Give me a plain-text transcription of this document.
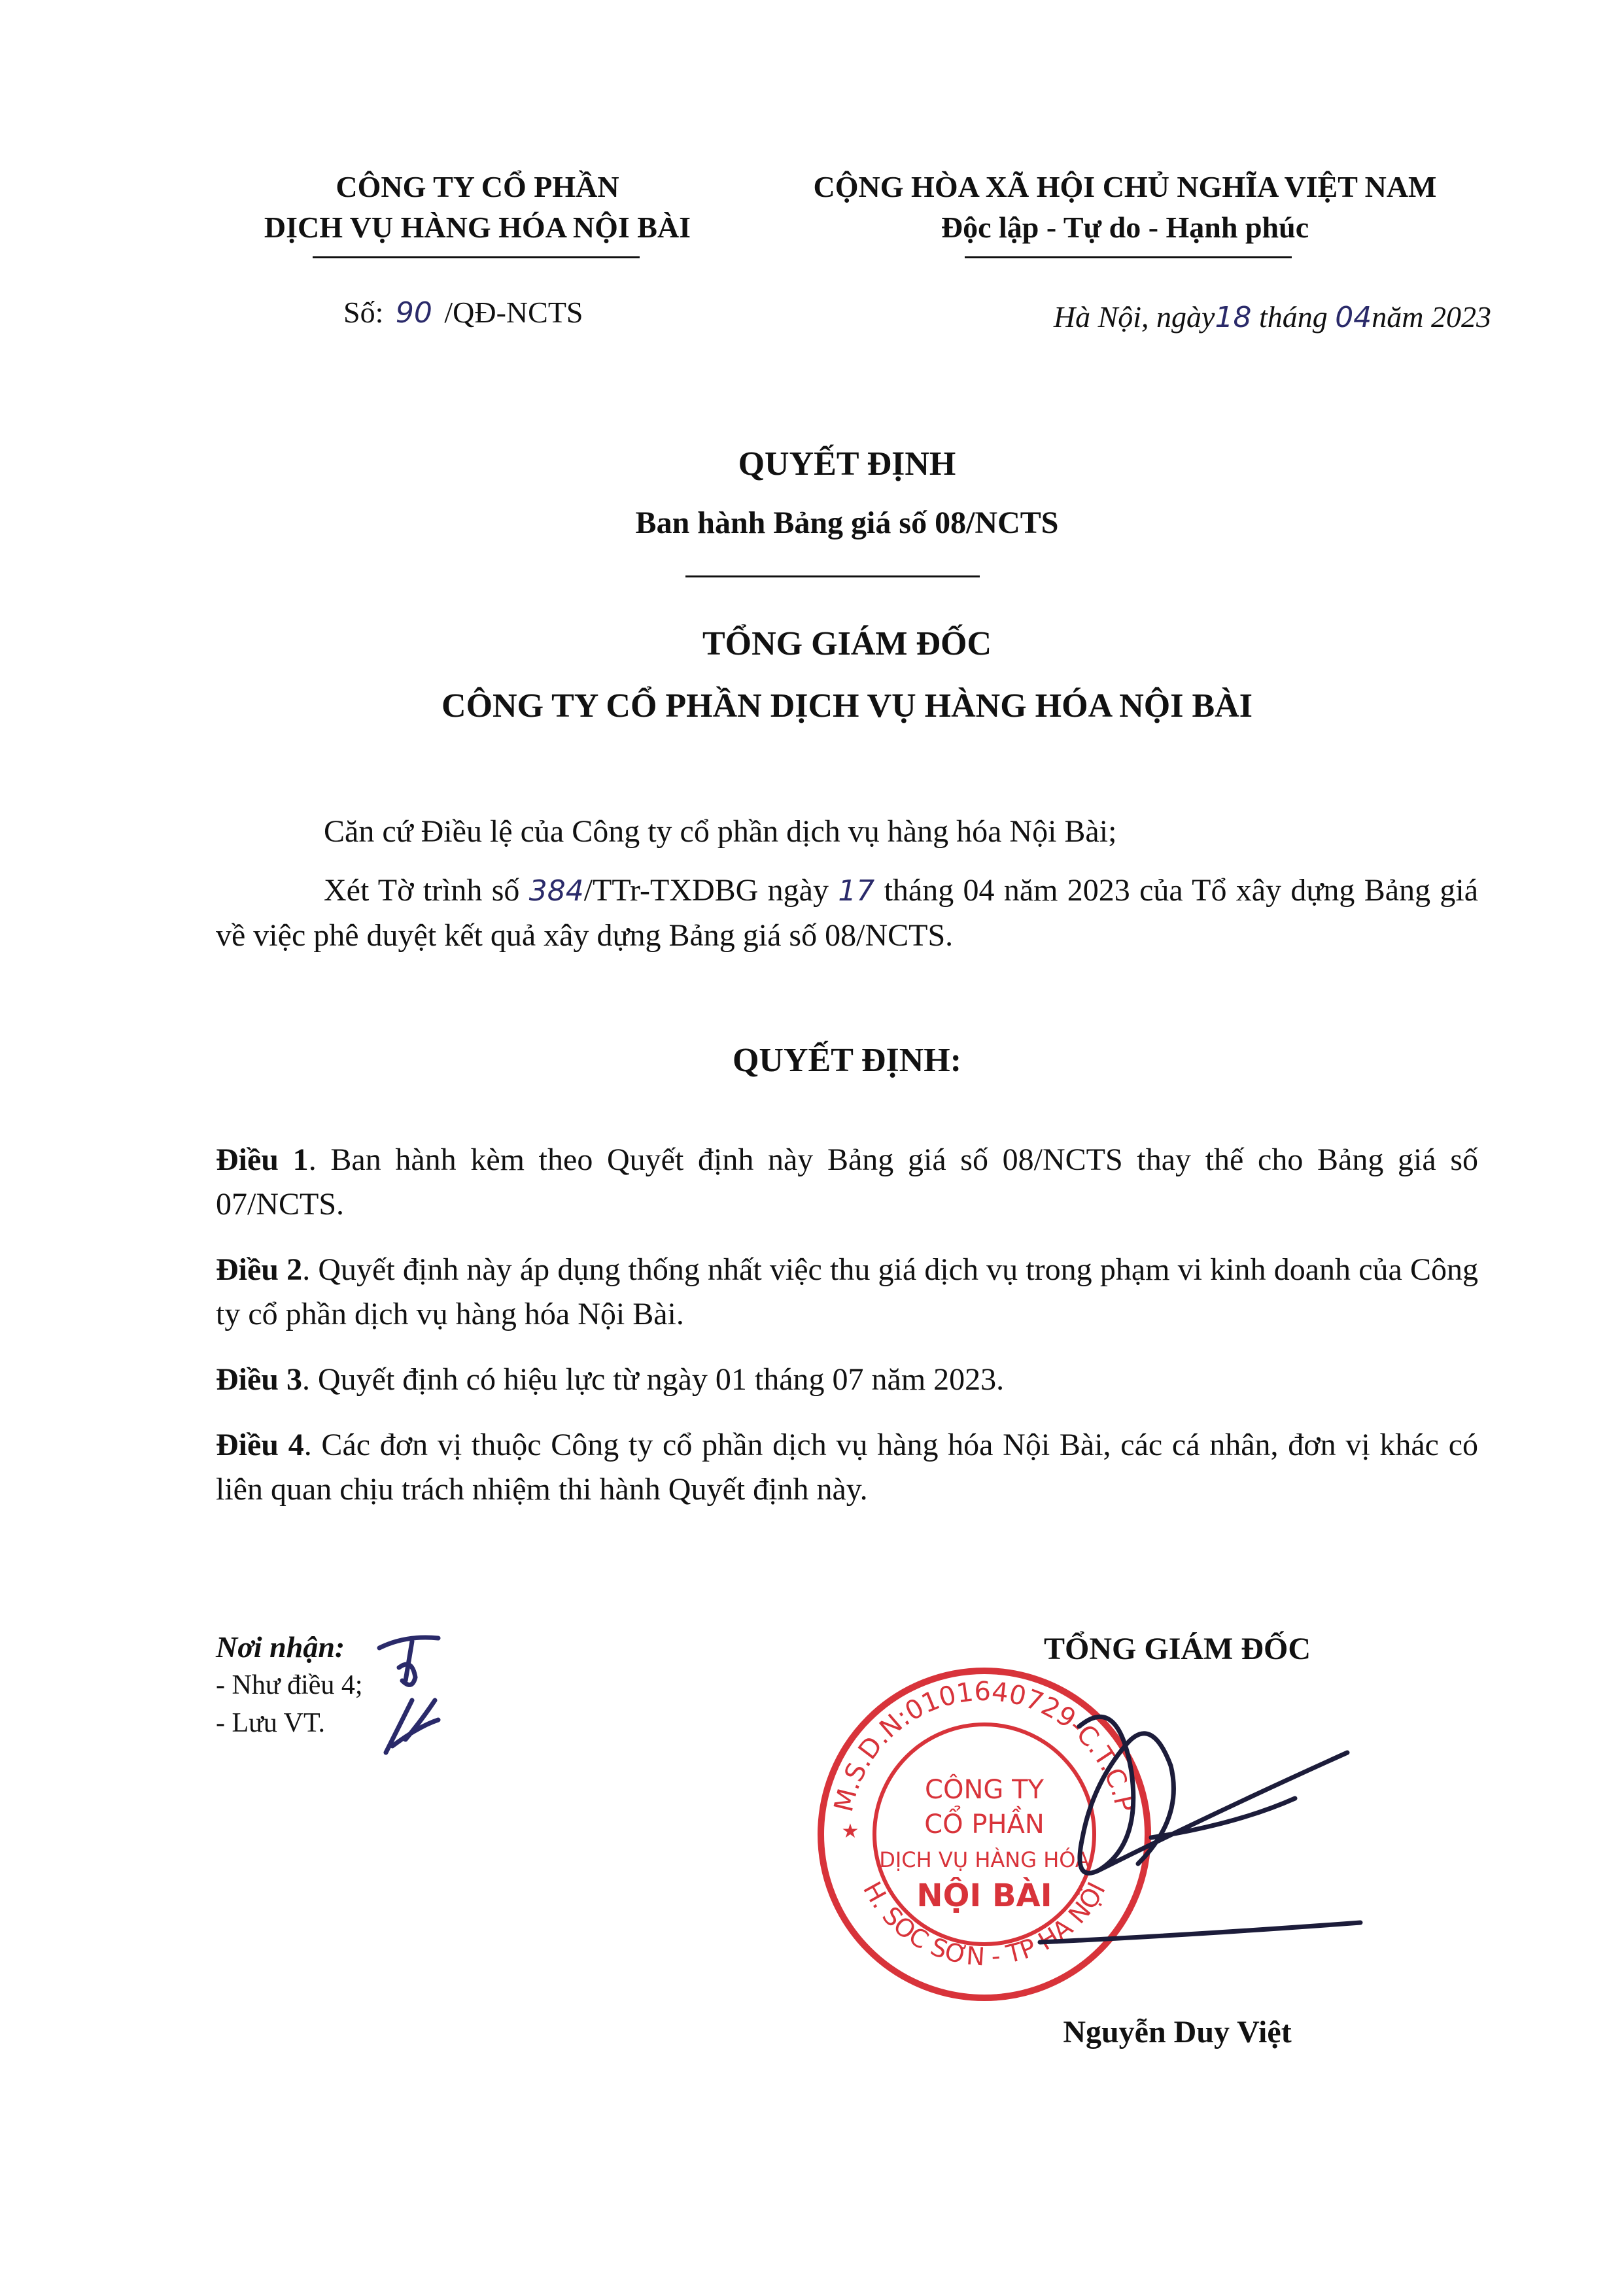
CÔNG TY CỔ PHẦN
DỊCH VỤ HÀNG HÓA NỘI BÀI
Số: 90 /QĐ-NCTS
CỘNG HÒA XÃ HỘI CHỦ NGHĨA VIỆT NAM
Độc lập - Tự do - Hạnh phúc
Hà Nội, ngày18 tháng 04năm 2023
QUYẾT ĐỊNH
Ban hành Bảng giá số 08/NCTS
TỔNG GIÁM ĐỐC
CÔNG TY CỔ PHẦN DỊCH VỤ HÀNG HÓA NỘI BÀI
Căn cứ Điều lệ của Công ty cổ phần dịch vụ hàng hóa Nội Bài;
Xét Tờ trình số 384/TTr-TXDBG ngày 17 tháng 04 năm 2023 của Tổ xây dựng Bảng giá về việc phê duyệt kết quả xây dựng Bảng giá số 08/NCTS.
QUYẾT ĐỊNH:
Điều 1. Ban hành kèm theo Quyết định này Bảng giá số 08/NCTS thay thế cho Bảng giá số 07/NCTS.
Điều 2. Quyết định này áp dụng thống nhất việc thu giá dịch vụ trong phạm vi kinh doanh của Công ty cổ phần dịch vụ hàng hóa Nội Bài.
Điều 3. Quyết định có hiệu lực từ ngày 01 tháng 07 năm 2023.
Điều 4. Các đơn vị thuộc Công ty cổ phần dịch vụ hàng hóa Nội Bài, các cá nhân, đơn vị khác có liên quan chịu trách nhiệm thi hành Quyết định này.
Nơi nhận:
- Như điều 4;
- Lưu VT.
TỔNG GIÁM ĐỐC
M.S.D.N:0101640729-C.T.C.P
H. SÓC SƠN - TP HÀ NỘI
CÔNG TY
CỔ PHẦN
DỊCH VỤ HÀNG HÓA
NỘI BÀI
★
Nguyễn Duy Việt
